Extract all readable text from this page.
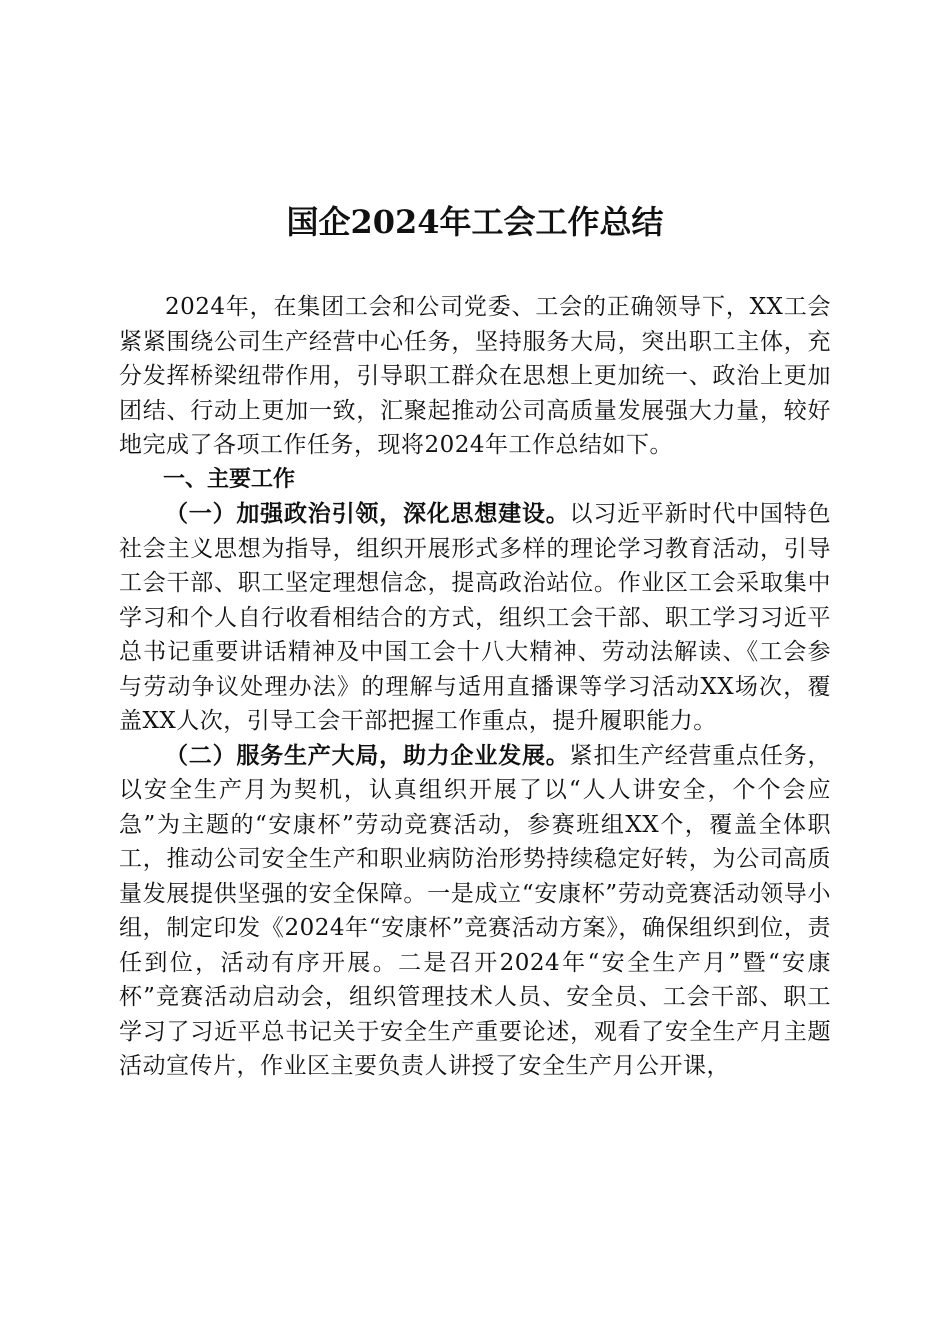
国企2024年工会工作总结

2024年，在集团工会和公司党委、工会的正确领导下，XX工会紧紧围绕公司生产经营中心任务，坚持服务大局，突出职工主体，充分发挥桥梁纽带作用，引导职工群众在思想上更加统一、政治上更加团结、行动上更加一致，汇聚起推动公司高质量发展强大力量，较好地完成了各项工作任务，现将2024年工作总结如下。

一、主要工作

（一）加强政治引领，深化思想建设。以习近平新时代中国特色社会主义思想为指导，组织开展形式多样的理论学习教育活动，引导工会干部、职工坚定理想信念，提高政治站位。作业区工会采取集中学习和个人自行收看相结合的方式，组织工会干部、职工学习习近平总书记重要讲话精神及中国工会十八大精神、劳动法解读、《工会参与劳动争议处理办法》的理解与适用直播课等学习活动XX场次，覆盖XX人次，引导工会干部把握工作重点，提升履职能力。

（二）服务生产大局，助力企业发展。紧扣生产经营重点任务，以安全生产月为契机，认真组织开展了以“人人讲安全，个个会应急”为主题的“安康杯”劳动竞赛活动，参赛班组XX个，覆盖全体职工，推动公司安全生产和职业病防治形势持续稳定好转，为公司高质量发展提供坚强的安全保障。一是成立“安康杯”劳动竞赛活动领导小组，制定印发《2024年“安康杯”竞赛活动方案》，确保组织到位，责任到位，活动有序开展。二是召开2024年“安全生产月”暨“安康杯”竞赛活动启动会，组织管理技术人员、安全员、工会干部、职工学习了习近平总书记关于安全生产重要论述，观看了安全生产月主题活动宣传片，作业区主要负责人讲授了安全生产月公开课，
